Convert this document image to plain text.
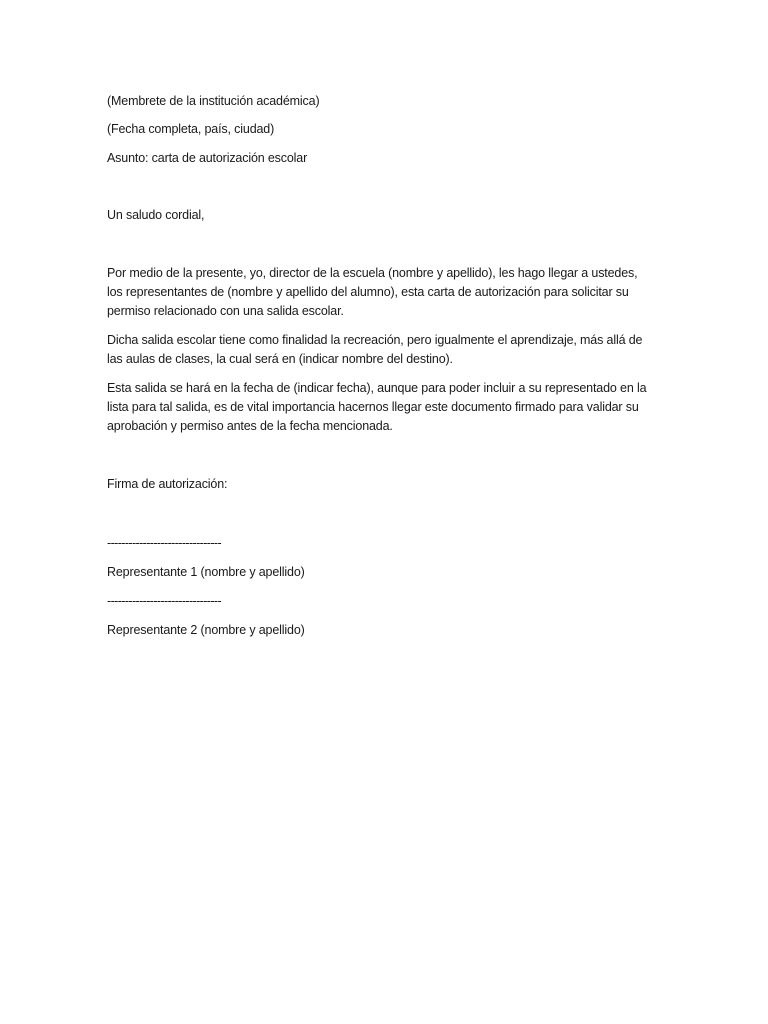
(Membrete de la institución académica)
(Fecha completa, país, ciudad)
Asunto: carta de autorización escolar
Un saludo cordial,
Por medio de la presente, yo, director de la escuela (nombre y apellido), les hago llegar a ustedes,
los representantes de (nombre y apellido del alumno), esta carta de autorización para solicitar su
permiso relacionado con una salida escolar.
Dicha salida escolar tiene como finalidad la recreación, pero igualmente el aprendizaje, más allá de
las aulas de clases, la cual será en (indicar nombre del destino).
Esta salida se hará en la fecha de (indicar fecha), aunque para poder incluir a su representado en la
lista para tal salida, es de vital importancia hacernos llegar este documento firmado para validar su
aprobación y permiso antes de la fecha mencionada.
Firma de autorización:
--------------------------------
Representante 1 (nombre y apellido)
--------------------------------
Representante 2 (nombre y apellido)
